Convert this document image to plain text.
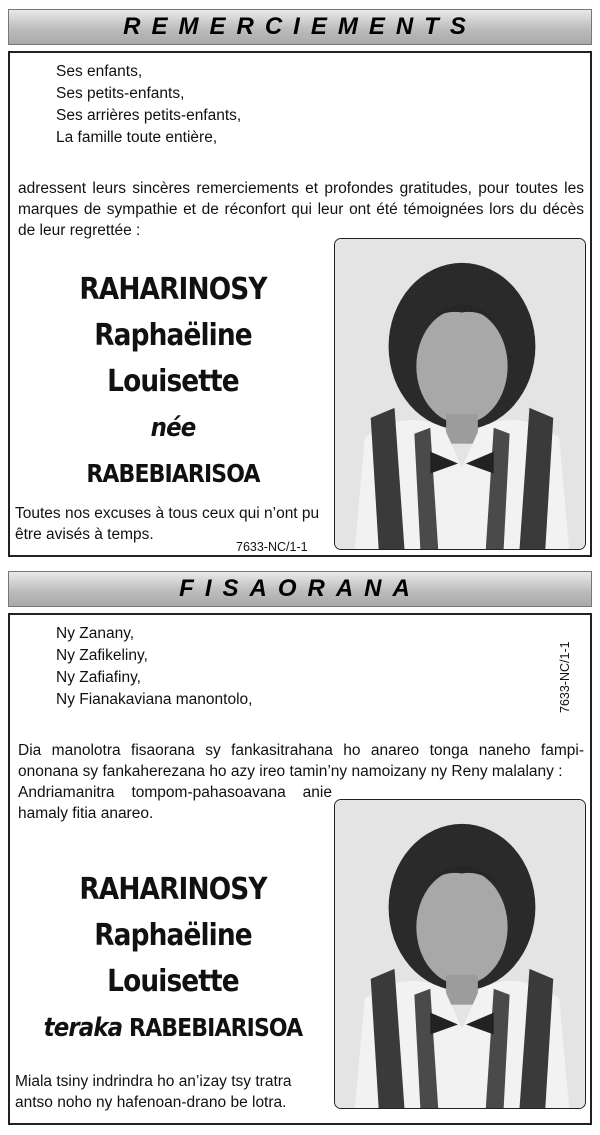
REMERCIEMENTS
Ses enfants,
Ses petits-enfants,
Ses arrières petits-enfants,
La famille toute entière,
adressent leurs sincères remerciements et profondes gratitudes, pour toutes les marques de sympathie et de réconfort qui leur ont été témoignées lors du décès de leur regrettée :
RAHARINOSY
Raphaëline
Louisette
née
RABEBIARISOA
Toutes nos excuses à tous ceux qui n’ont pu
être avisés à temps.
7633-NC/1-1
FISAORANA
Ny Zanany,
Ny Zafikeliny,
Ny Zafiafiny,
Ny Fianakaviana manontolo,	7633-NC/1-1
Dia manolotra fisaorana sy fankasitrahana ho anareo tonga naneho fampi-ononana sy fankaherezana ho azy ireo tamin’ny namoizany ny Reny malalany :
Andriamanitra tompom-pahasoavana anie
hamaly fitia anareo.
RAHARINOSY
Raphaëline
Louisette
teraka RABEBIARISOA
Miala tsiny indrindra ho an’izay tsy tratra
antso noho ny hafenoan-drano be lotra.
